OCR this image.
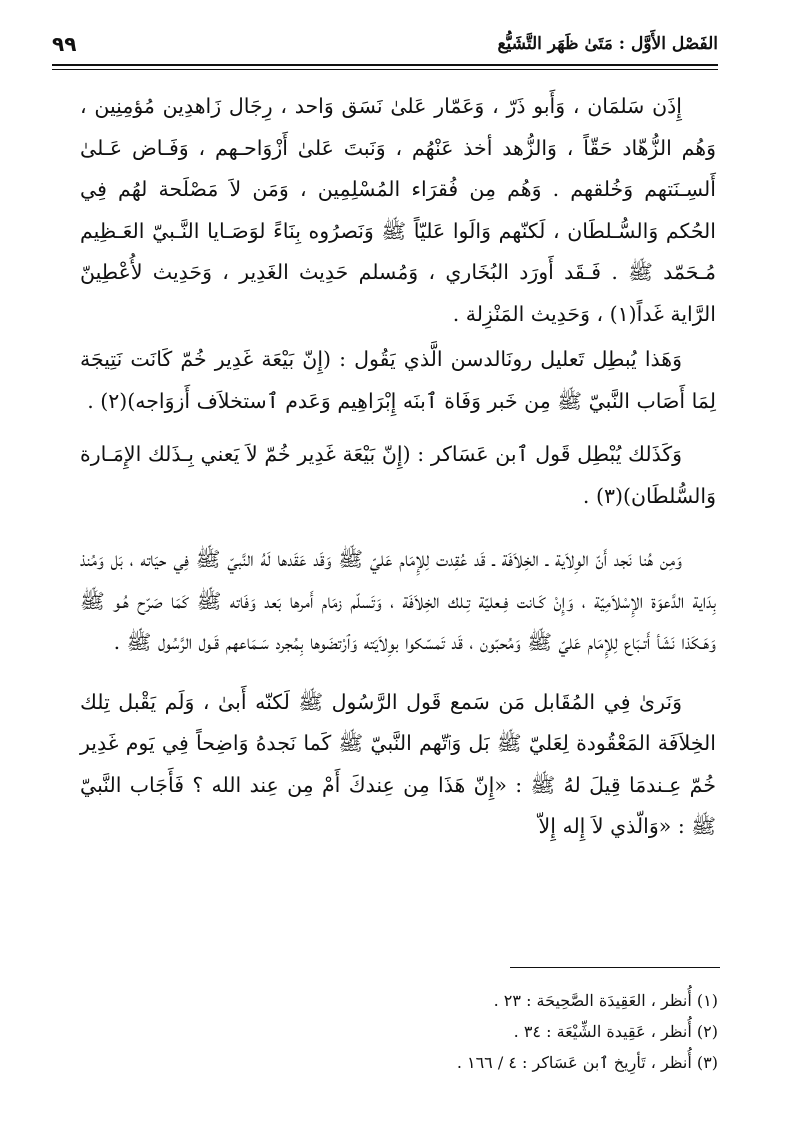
الفَصْل الأَوَّل : مَتَىٰ ظَهَر التَّشَيُّع
٩٩

إِذَن سَلمَان ، وَأَبو ذَرّ ، وَعَمّار عَلىٰ نَسَق وَاحد ، رِجَال زَاهدِين مُؤمِنِين ، وَهُم الزُّهّاد حَقّاً ، وَالزُّهد أخذ عَنْهُم ، وَنَبتَ عَلىٰ أَزْوَاحـهم ، وَفَـاض عَـلىٰ أَلسِـنَتهم وَخُلقهم . وَهُم مِن فُقرَاء المُسْلِمِين ، وَمَن لاَ مَصْلَحة لهُم فِي الحُكم وَالسُّـلطَان ، لَكنّهم وَالَوا عَليّاً ﷺ وَنَصرُوه بِنَاءً لوَصَـايا النَّـبيّ العَـظِيم مُـحَمّد ﷺ . فَـقَد أَورَد البُخَاري ، وَمُسلم حَدِيث الغَدِير ، وَحَدِيث لأُعْطِينّ الرَّاية غَداً(١) ، وَحَدِيث المَنْزِلة .

وَهَذا يُبطِل تَعليل رونَالدسن الَّذي يَقُول : (إِنّ بَيْعَة غَدِير خُمّ كَانَت نَتِيجَة لِمَا أَصَاب النَّبيّ ﷺ مِن خَبر وَفَاة ٱبنَه إِبْرَاهِيم وَعَدم ٱستخلاَف أَزوَاجه)(٢) .

وَكَذَلك يُبْطِل قَول ٱبن عَسَاكر : (إِنّ بَيْعَة غَدِير خُمّ لاَ يَعني بِـذَلك الإِمَـارة وَالسُّلطَان)(٣) .

وَمِن هُنا نَجد أَنّ الوِلاَية ـ الخِلاَفَة ـ قَد عُقِدت لِلإِمَام عَليّ ﷺ وَقَد عَقَدها لَهُ النَّبيّ ﷺ فِي حيَاته ، بَل وَمُنذ بِدَاية الدَّعوَة الإِسْلاَمِيّة ، وَإِنْ كَـانت فِـعليّة تِـلك الخِلاَفَة ، وَتَسلّم زمَام أَمرها بَعد وَفَاته ﷺ كَمَا صَرّح هُـو ﷺ وَهَـكَذا نَشَأ أَتـبَاع لِلإِمَام عَليّ ﷺ وَمُحبّون ، قَد تَمسّكوا بوِلاَيَته وَٱرْتضَوها بِمُجرد سَـمَاعهم قَـول الرَّسُول ﷺ .

وَنَرىٰ فِي المُقَابل مَن سَمع قَول الرَّسُول ﷺ لَكنّه أَبىٰ ، وَلَم يَقْبل تِلك الخِلاَفَة المَعْقُودة لِعَليّ ﷺ بَل وَٱتّهم النَّبيّ ﷺ كَما نَجدهُ وَاضِحاً فِي يَوم غَدِير خُمّ عِـندمَا قِيلَ لهُ ﷺ : «إِنّ هَذَا مِن عِندكَ أَمْ مِن عِند الله ؟ فَأَجَاب النَّبيّ ﷺ : «وَالّذي لاَ إِله إِلاّ

(١) أُنظر ، العَقِيدَة الصَّحِيحَة : ٢٣ .

(٢) أُنظر ، عَقِيدة الشِّيْعَة : ٣٤ .

(٣) أُنظر ، تَأرِيخ ٱبن عَسَاكر : ٤ / ١٦٦ .
